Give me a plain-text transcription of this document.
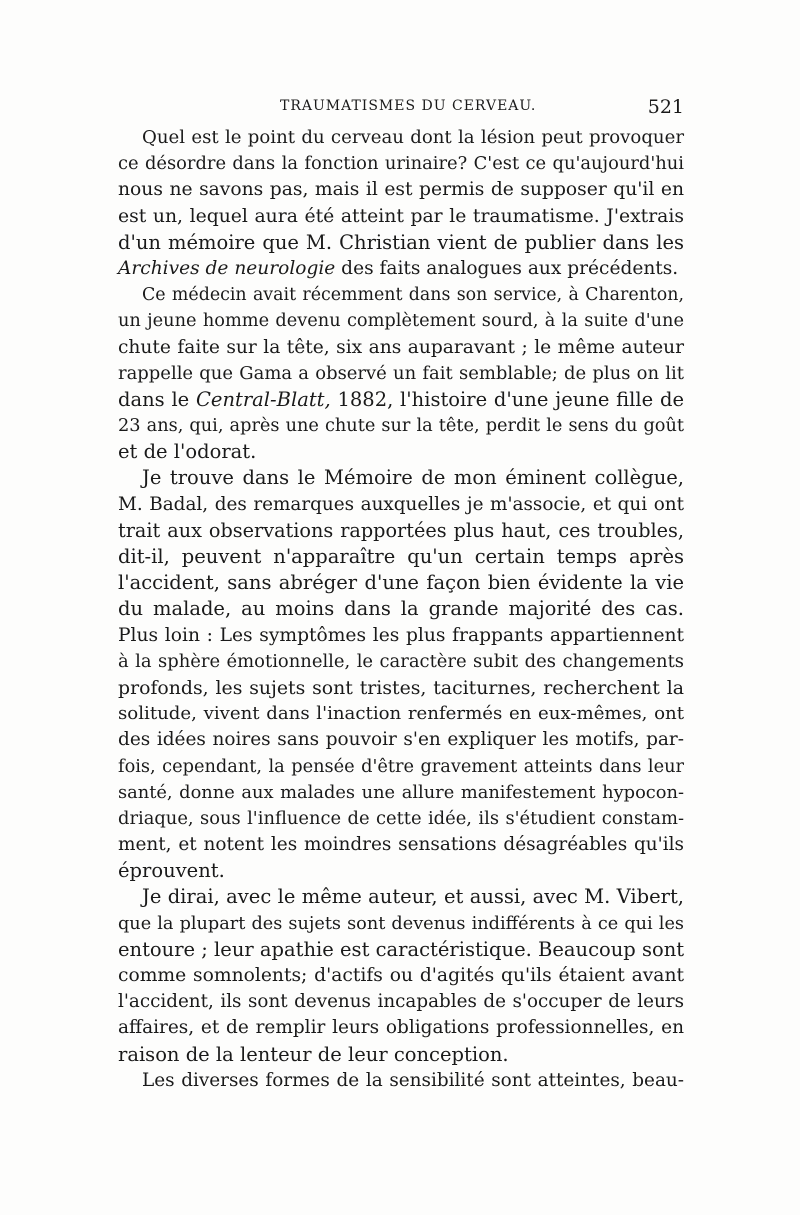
TRAUMATISMES DU CERVEAU.	521
Quel est le point du cerveau dont la lésion peut provoquer
ce désordre dans la fonction urinaire? C'est ce qu'aujourd'hui
nous ne savons pas, mais il est permis de supposer qu'il en
est un, lequel aura été atteint par le traumatisme. J'extrais
d'un mémoire que M. Christian vient de publier dans les
Archives de neurologie des faits analogues aux précédents.
Ce médecin avait récemment dans son service, à Charenton,
un jeune homme devenu complètement sourd, à la suite d'une
chute faite sur la tête, six ans auparavant ; le même auteur
rappelle que Gama a observé un fait semblable; de plus on lit
dans le Central-Blatt, 1882, l'histoire d'une jeune fille de
23 ans, qui, après une chute sur la tête, perdit le sens du goût
et de l'odorat.
Je trouve dans le Mémoire de mon éminent collègue,
M. Badal, des remarques auxquelles je m'associe, et qui ont
trait aux observations rapportées plus haut, ces troubles,
dit-il, peuvent n'apparaître qu'un certain temps après
l'accident, sans abréger d'une façon bien évidente la vie
du malade, au moins dans la grande majorité des cas.
Plus loin : Les symptômes les plus frappants appartiennent
à la sphère émotionnelle, le caractère subit des changements
profonds, les sujets sont tristes, taciturnes, recherchent la
solitude, vivent dans l'inaction renfermés en eux-mêmes, ont
des idées noires sans pouvoir s'en expliquer les motifs, par-
fois, cependant, la pensée d'être gravement atteints dans leur
santé, donne aux malades une allure manifestement hypocon-
driaque, sous l'influence de cette idée, ils s'étudient constam-
ment, et notent les moindres sensations désagréables qu'ils
éprouvent.
Je dirai, avec le même auteur, et aussi, avec M. Vibert,
que la plupart des sujets sont devenus indifférents à ce qui les
entoure ; leur apathie est caractéristique. Beaucoup sont
comme somnolents; d'actifs ou d'agités qu'ils étaient avant
l'accident, ils sont devenus incapables de s'occuper de leurs
affaires, et de remplir leurs obligations professionnelles, en
raison de la lenteur de leur conception.
Les diverses formes de la sensibilité sont atteintes, beau-
